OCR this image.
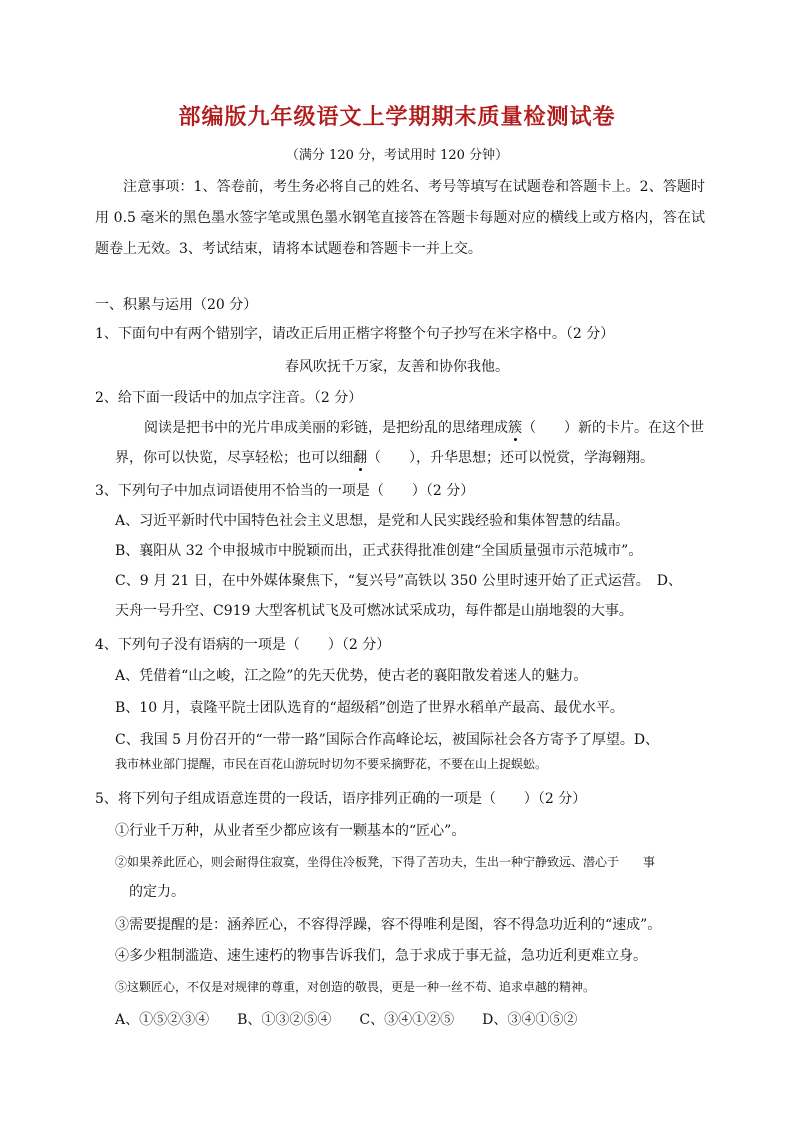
部编版九年级语文上学期期末质量检测试卷
（满分 120 分，考试用时 120 分钟）
注意事项：1、答卷前，考生务必将自己的姓名、考号等填写在试题卷和答题卡上。2、答题时用 0.5 毫米的黑色墨水签字笔或黑色墨水钢笔直接答在答题卡每题对应的横线上或方格内，答在试题卷上无效。3、考试结束，请将本试题卷和答题卡一并上交。
一、积累与运用（20 分）
1、下面句中有两个错别字，请改正后用正楷字将整个句子抄写在米字格中。（2 分）
春风吹抚千万家，友善和协你我他。
2、给下面一段话中的加点字注音。（2 分）
阅读是把书中的光片串成美丽的彩链，是把纷乱的思绪理成簇（　　）新的卡片。在这个世
界，你可以快览，尽享轻松；也可以细翻（　　），升华思想；还可以悦赏，学海翱翔。
3、下列句子中加点词语使用不恰当的一项是（　　）（2 分）
A、习近平新时代中国特色社会主义思想，是党和人民实践经验和集体智慧的结晶。
B、襄阳从 32 个申报城市中脱颖而出，正式获得批准创建“全国质量强市示范城市”。
C、9 月 21 日，在中外媒体聚焦下，“复兴号”高铁以 350 公里时速开始了正式运营。　D、
天舟一号升空、C919 大型客机试飞及可燃冰试采成功，每件都是山崩地裂的大事。
4、下列句子没有语病的一项是（　　）（2 分）
A、凭借着“山之峻，江之险”的先天优势，使古老的襄阳散发着迷人的魅力。
B、10 月，袁隆平院士团队选育的“超级稻”创造了世界水稻单产最高、最优水平。
C、我国 5 月份召开的“一带一路”国际合作高峰论坛，被国际社会各方寄予了厚望。D、
我市林业部门提醒，市民在百花山游玩时切勿不要采摘野花，不要在山上捉蜈蚣。
5、将下列句子组成语意连贯的一段话，语序排列正确的一项是（　　）（2 分）
①行业千万种，从业者至少都应该有一颗基本的“匠心”。
②如果养此匠心，则会耐得住寂寞，坐得住冷板凳，下得了苦功夫，生出一种宁静致远、潜心于　　事
的定力。
③需要提醒的是：涵养匠心，不容得浮躁，容不得唯利是图，容不得急功近利的“速成”。
④多少粗制滥造、速生速朽的物事告诉我们，急于求成于事无益，急功近利更难立身。
⑤这颗匠心，不仅是对规律的尊重，对创造的敬畏，更是一种一丝不苟、追求卓越的精神。
A、①⑤②③④　　B、①③②⑤④　　C、③④①②⑤　　D、③④①⑤②
